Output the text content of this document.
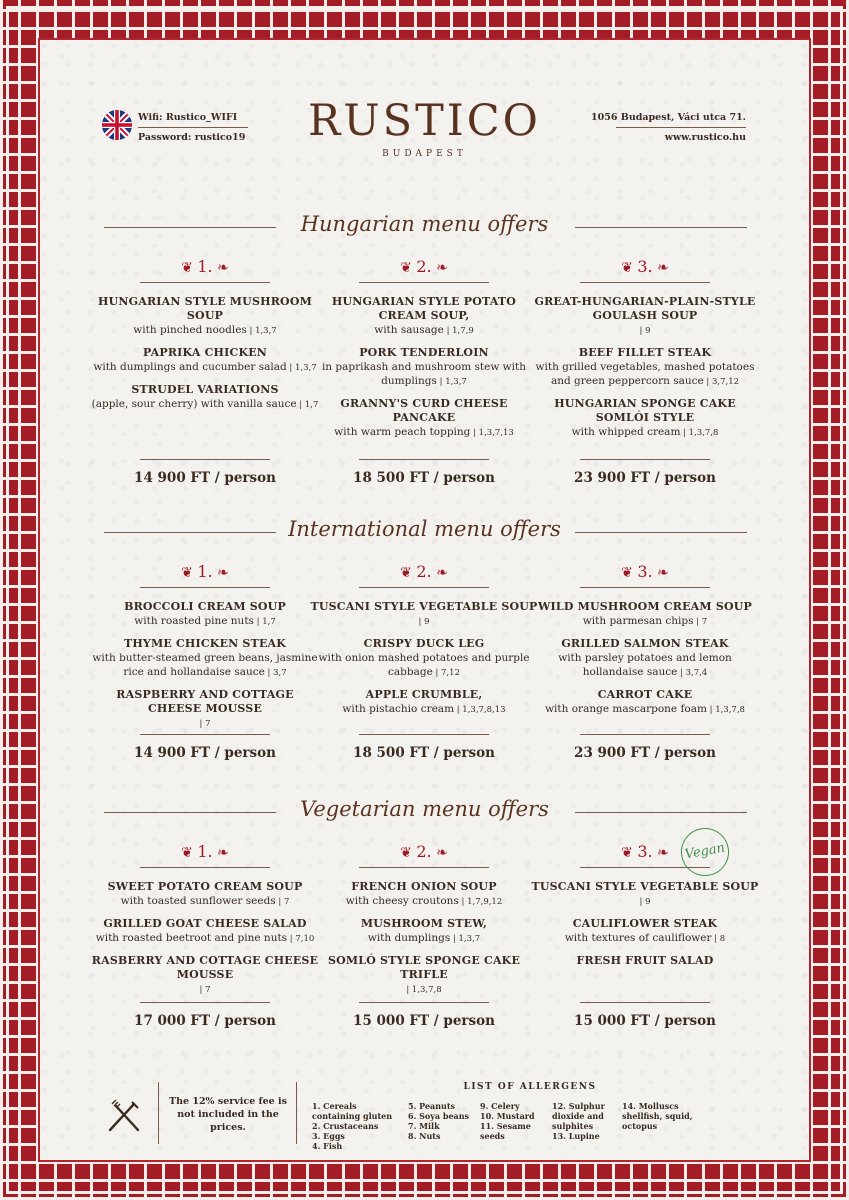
Wifi: Rustico_WIFI
Password: rustico19	RUSTICO
BUDAPEST
1056 Budapest, Váci utca 71.
www.rustico.hu
Hungarian menu offers
❦ 1. ❧
HUNGARIAN STYLE MUSHROOM SOUP
with pinched noodles | 1,3,7
PAPRIKA CHICKEN
with dumplings and cucumber salad | 1,3,7
STRUDEL VARIATIONS
(apple, sour cherry) with vanilla sauce | 1,7
14 900 FT / person
❦ 2. ❧
HUNGARIAN STYLE POTATO CREAM SOUP,
with sausage | 1,7,9
PORK TENDERLOIN
in paprikash and mushroom stew with dumplings | 1,3,7
GRANNY'S CURD CHEESE PANCAKE
with warm peach topping | 1,3,7,13
18 500 FT / person
❦ 3. ❧
GREAT-HUNGARIAN-PLAIN-STYLE GOULASH SOUP
| 9
BEEF FILLET STEAK
with grilled vegetables, mashed potatoes and green peppercorn sauce | 3,7,12
HUNGARIAN SPONGE CAKE SOMLÓI STYLE
with whipped cream | 1,3,7,8
23 900 FT / person
International menu offers
❦ 1. ❧
BROCCOLI CREAM SOUP
with roasted pine nuts | 1,7
THYME CHICKEN STEAK
with butter-steamed green beans, jasmine rice and hollandaise sauce | 3,7
RASPBERRY AND COTTAGE CHEESE MOUSSE
| 7
14 900 FT / person
❦ 2. ❧
TUSCANI STYLE VEGETABLE SOUP
| 9
CRISPY DUCK LEG
with onion mashed potatoes and purple cabbage | 7,12
APPLE CRUMBLE,
with pistachio cream | 1,3,7,8,13
18 500 FT / person
❦ 3. ❧
WILD MUSHROOM CREAM SOUP
with parmesan chips | 7
GRILLED SALMON STEAK
with parsley potatoes and lemon hollandaise sauce | 3,7,4
CARROT CAKE
with orange mascarpone foam | 1,3,7,8
23 900 FT / person
Vegetarian menu offers
❦ 1. ❧
SWEET POTATO CREAM SOUP
with toasted sunflower seeds | 7
GRILLED GOAT CHEESE SALAD
with roasted beetroot and pine nuts | 7,10
RASBERRY AND COTTAGE CHEESE MOUSSE
| 7
17 000 FT / person
❦ 2. ❧
FRENCH ONION SOUP
with cheesy croutons | 1,7,9,12
MUSHROOM STEW,
with dumplings | 1,3,7
SOMLÓ STYLE SPONGE CAKE TRIFLE
| 1,3,7,8
15 000 FT / person
❦ 3. ❧
TUSCANI STYLE VEGETABLE SOUP
| 9
CAULIFLOWER STEAK
with textures of cauliflower | 8
FRESH FRUIT SALAD
15 000 FT / person
Vegan
The 12% service fee is not included in the prices.
LIST OF ALLERGENS
1. Cereals containing gluten
2. Crustaceans
3. Eggs
4. Fish
5. Peanuts
6. Soya beans
7. Milk
8. Nuts
9. Celery
10. Mustard
11. Sesame seeds
12. Sulphur dioxide and sulphites
13. Lupine
14. Molluscs shellfish, squid, octopus
